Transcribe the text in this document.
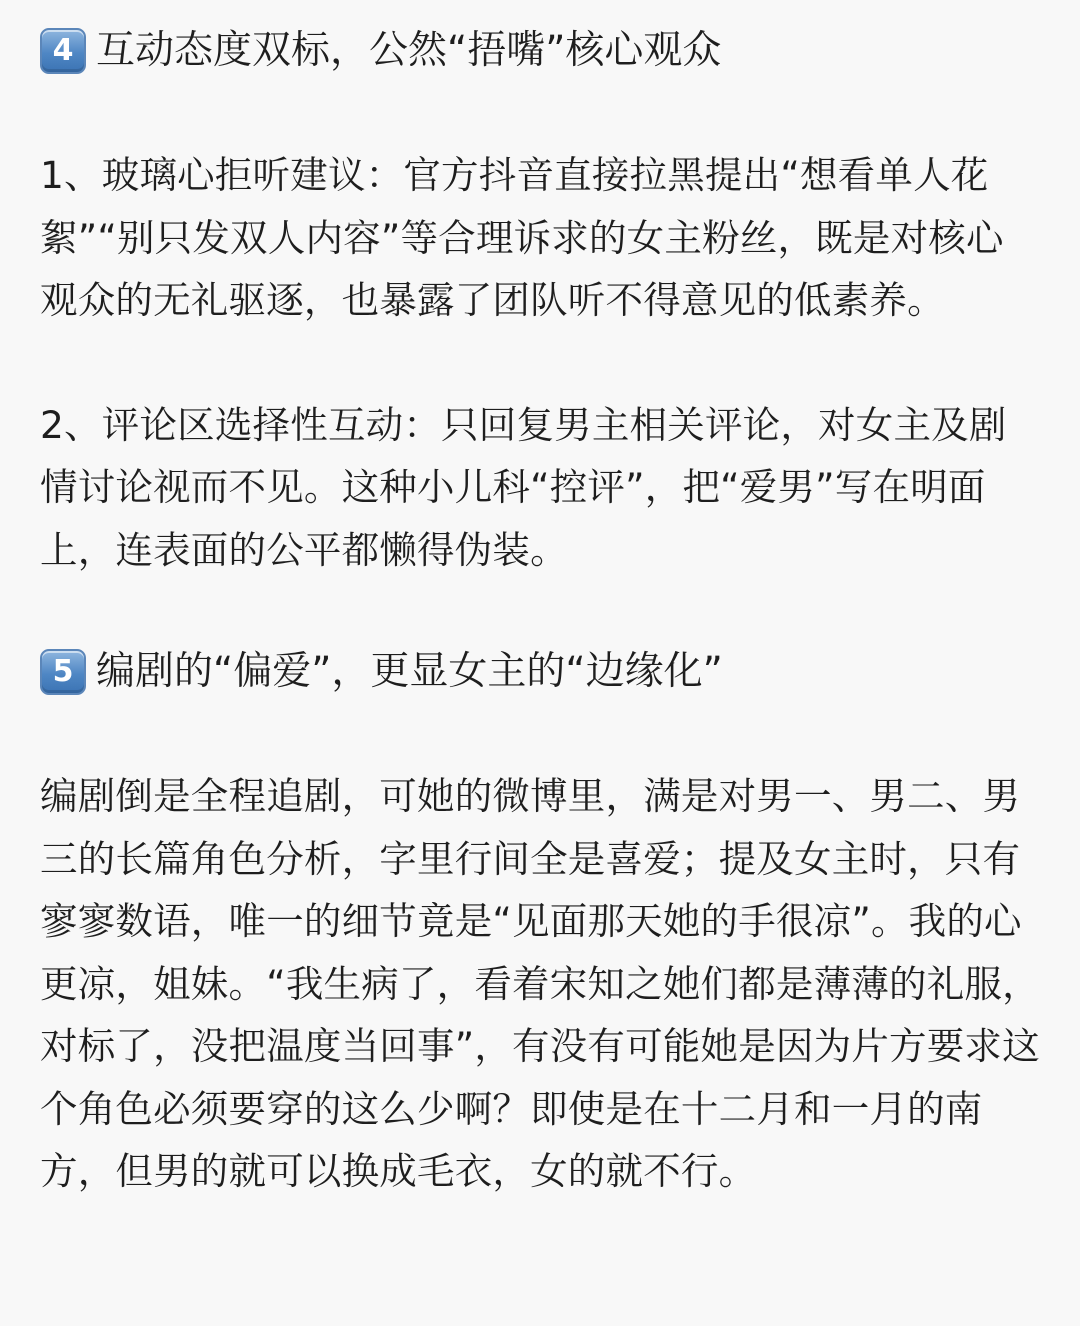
4 互动态度双标，公然“捂嘴”核心观众

1、玻璃心拒听建议：官方抖音直接拉黑提出“想看单人花絮”“别只发双人内容”等合理诉求的女主粉丝，既是对核心观众的无礼驱逐，也暴露了团队听不得意见的低素养。

2、评论区选择性互动：只回复男主相关评论，对女主及剧情讨论视而不见。这种小儿科“控评”，把“爱男”写在明面上，连表面的公平都懒得伪装。

5 编剧的“偏爱”，更显女主的“边缘化”

编剧倒是全程追剧，可她的微博里，满是对男一、男二、男三的长篇角色分析，字里行间全是喜爱；提及女主时，只有寥寥数语，唯一的细节竟是“见面那天她的手很凉”。我的心更凉，姐妹。“我生病了，看着宋知之她们都是薄薄的礼服，对标了，没把温度当回事”，有没有可能她是因为片方要求这个角色必须要穿的这么少啊？即使是在十二月和一月的南方，但男的就可以换成毛衣，女的就不行。
